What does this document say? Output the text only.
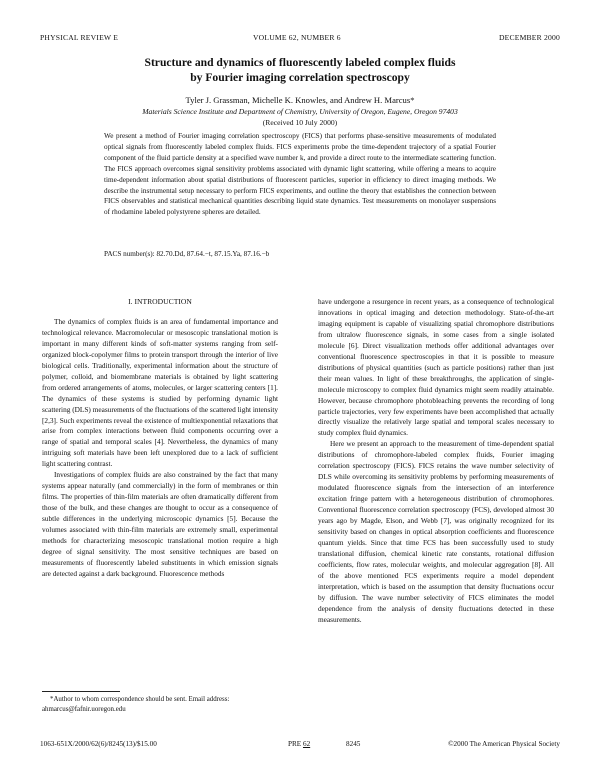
PHYSICAL REVIEW E	VOLUME 62, NUMBER 6	DECEMBER 2000
Structure and dynamics of fluorescently labeled complex fluids
by Fourier imaging correlation spectroscopy
Tyler J. Grassman, Michelle K. Knowles, and Andrew H. Marcus*
Materials Science Institute and Department of Chemistry, University of Oregon, Eugene, Oregon 97403
(Received 10 July 2000)
We present a method of Fourier imaging correlation spectroscopy (FICS) that performs phase-sensitive measurements of modulated optical signals from fluorescently labeled complex fluids. FICS experiments probe the time-dependent trajectory of a spatial Fourier component of the fluid particle density at a specified wave number k, and provide a direct route to the intermediate scattering function. The FICS approach overcomes signal sensitivity problems associated with dynamic light scattering, while offering a means to acquire time-dependent information about spatial distributions of fluorescent particles, superior in efficiency to direct imaging methods. We describe the instrumental setup necessary to perform FICS experiments, and outline the theory that establishes the connection between FICS observables and statistical mechanical quantities describing liquid state dynamics. Test measurements on monolayer suspensions of rhodamine labeled polystyrene spheres are detailed.
PACS number(s): 82.70.Dd, 87.64.−t, 87.15.Ya, 87.16.−b
I. INTRODUCTION

The dynamics of complex fluids is an area of fundamental importance and technological relevance. Macromolecular or mesoscopic translational motion is important in many different kinds of soft-matter systems ranging from self-organized block-copolymer films to protein transport through the interior of live biological cells. Traditionally, experimental information about the structure of polymer, colloid, and biomembrane materials is obtained by light scattering from ordered arrangements of atoms, molecules, or larger scattering centers [1]. The dynamics of these systems is studied by performing dynamic light scattering (DLS) measurements of the fluctuations of the scattered light intensity [2,3]. Such experiments reveal the existence of multiexponential relaxations that arise from complex interactions between fluid components occurring over a range of spatial and temporal scales [4]. Nevertheless, the dynamics of many intriguing soft materials have been left unexplored due to a lack of sufficient light scattering contrast.

Investigations of complex fluids are also constrained by the fact that many systems appear naturally (and commercially) in the form of membranes or thin films. The properties of thin-film materials are often dramatically different from those of the bulk, and these changes are thought to occur as a consequence of subtle differences in the underlying microscopic dynamics [5]. Because the volumes associated with thin-film materials are extremely small, experimental methods for characterizing mesoscopic translational motion require a high degree of signal sensitivity. The most sensitive techniques are based on measurements of fluorescently labeled substituents in which emission signals are detected against a dark background. Fluorescence methods

have undergone a resurgence in recent years, as a consequence of technological innovations in optical imaging and detection methodology. State-of-the-art imaging equipment is capable of visualizing spatial chromophore distributions from ultralow fluorescence signals, in some cases from a single isolated molecule [6]. Direct visualization methods offer additional advantages over conventional fluorescence spectroscopies in that it is possible to measure distributions of physical quantities (such as particle positions) rather than just their mean values. In light of these breakthroughs, the application of single-molecule microscopy to complex fluid dynamics might seem readily attainable. However, because chromophore photobleaching prevents the recording of long particle trajectories, very few experiments have been accomplished that actually directly visualize the relatively large spatial and temporal scales necessary to study complex fluid dynamics.

Here we present an approach to the measurement of time-dependent spatial distributions of chromophore-labeled complex fluids, Fourier imaging correlation spectroscopy (FICS). FICS retains the wave number selectivity of DLS while overcoming its sensitivity problems by performing measurements of modulated fluorescence signals from the intersection of an interference excitation fringe pattern with a heterogeneous distribution of chromophores. Conventional fluorescence correlation spectroscopy (FCS), developed almost 30 years ago by Magde, Elson, and Webb [7], was originally recognized for its sensitivity based on changes in optical absorption coefficients and fluorescence quantum yields. Since that time FCS has been successfully used to study translational diffusion, chemical kinetic rate constants, rotational diffusion coefficients, flow rates, molecular weights, and molecular aggregation [8]. All of the above mentioned FCS experiments require a model dependent interpretation, which is based on the assumption that density fluctuations occur by diffusion. The wave number selectivity of FICS eliminates the model dependence from the analysis of density fluctuations detected in these measurements.

*Author to whom correspondence should be sent. Email address: ahmarcus@fafnir.uoregon.edu
1063-651X/2000/62(6)/8245(13)/$15.00	PRE 62	8245	©2000 The American Physical Society
